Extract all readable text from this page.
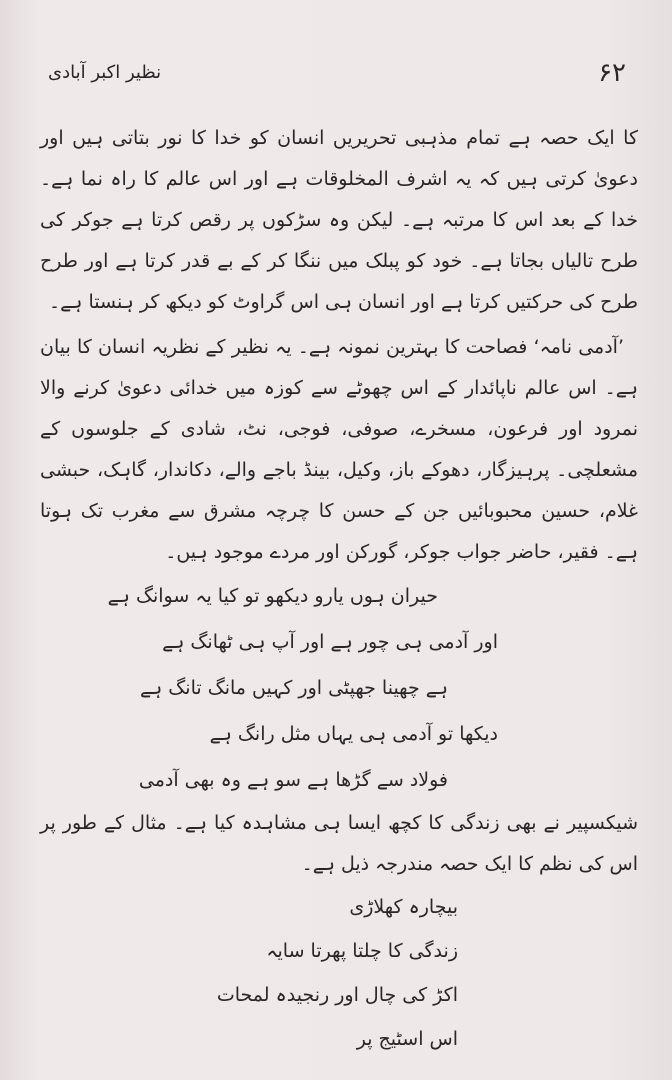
۶۲
نظیر اکبر آبادی

کا ایک حصہ ہے تمام مذہبی تحریریں انسان کو خدا کا نور بتاتی ہیں اور دعویٰ کرتی ہیں کہ یہ اشرف المخلوقات ہے اور اس عالم کا راہ نما ہے۔ خدا کے بعد اس کا مرتبہ ہے۔ لیکن وہ سڑکوں پر رقص کرتا ہے جوکر کی طرح تالیاں بجاتا ہے۔ خود کو پبلک میں ننگا کر کے بے قدر کرتا ہے اور طرح طرح کی حرکتیں کرتا ہے اور انسان ہی اس گراوٹ کو دیکھ کر ہنستا ہے۔

’آدمی نامہ‘ فصاحت کا بہترین نمونہ ہے۔ یہ نظیر کے نظریہ انسان کا بیان ہے۔ اس عالم ناپائدار کے اس چھوٹے سے کوزہ میں خدائی دعویٰ کرنے والا نمرود اور فرعون، مسخرے، صوفی، فوجی، نٹ، شادی کے جلوسوں کے مشعلچی۔ پرہیزگار، دھوکے باز، وکیل، بینڈ باجے والے، دکاندار، گاہک، حبشی غلام، حسین محبوبائیں جن کے حسن کا چرچہ مشرق سے مغرب تک ہوتا ہے۔ فقیر، حاضر جواب جوکر، گورکن اور مردے موجود ہیں۔

حیران ہوں یارو دیکھو تو کیا یہ سوانگ ہے

اور آدمی ہی چور ہے اور آپ ہی ٹھانگ ہے

ہے چھینا جھپٹی اور کہیں مانگ تانگ ہے

دیکھا تو آدمی ہی یہاں مثل رانگ ہے

فولاد سے گڑھا ہے سو ہے وہ بھی آدمی

شیکسپیر نے بھی زندگی کا کچھ ایسا ہی مشاہدہ کیا ہے۔ مثال کے طور پر اس کی نظم کا ایک حصہ مندرجہ ذیل ہے۔

بیچارہ کھلاڑی

زندگی کا چلتا پھرتا سایہ

اکڑ کی چال اور رنجیدہ لمحات

اس اسٹیج پر
